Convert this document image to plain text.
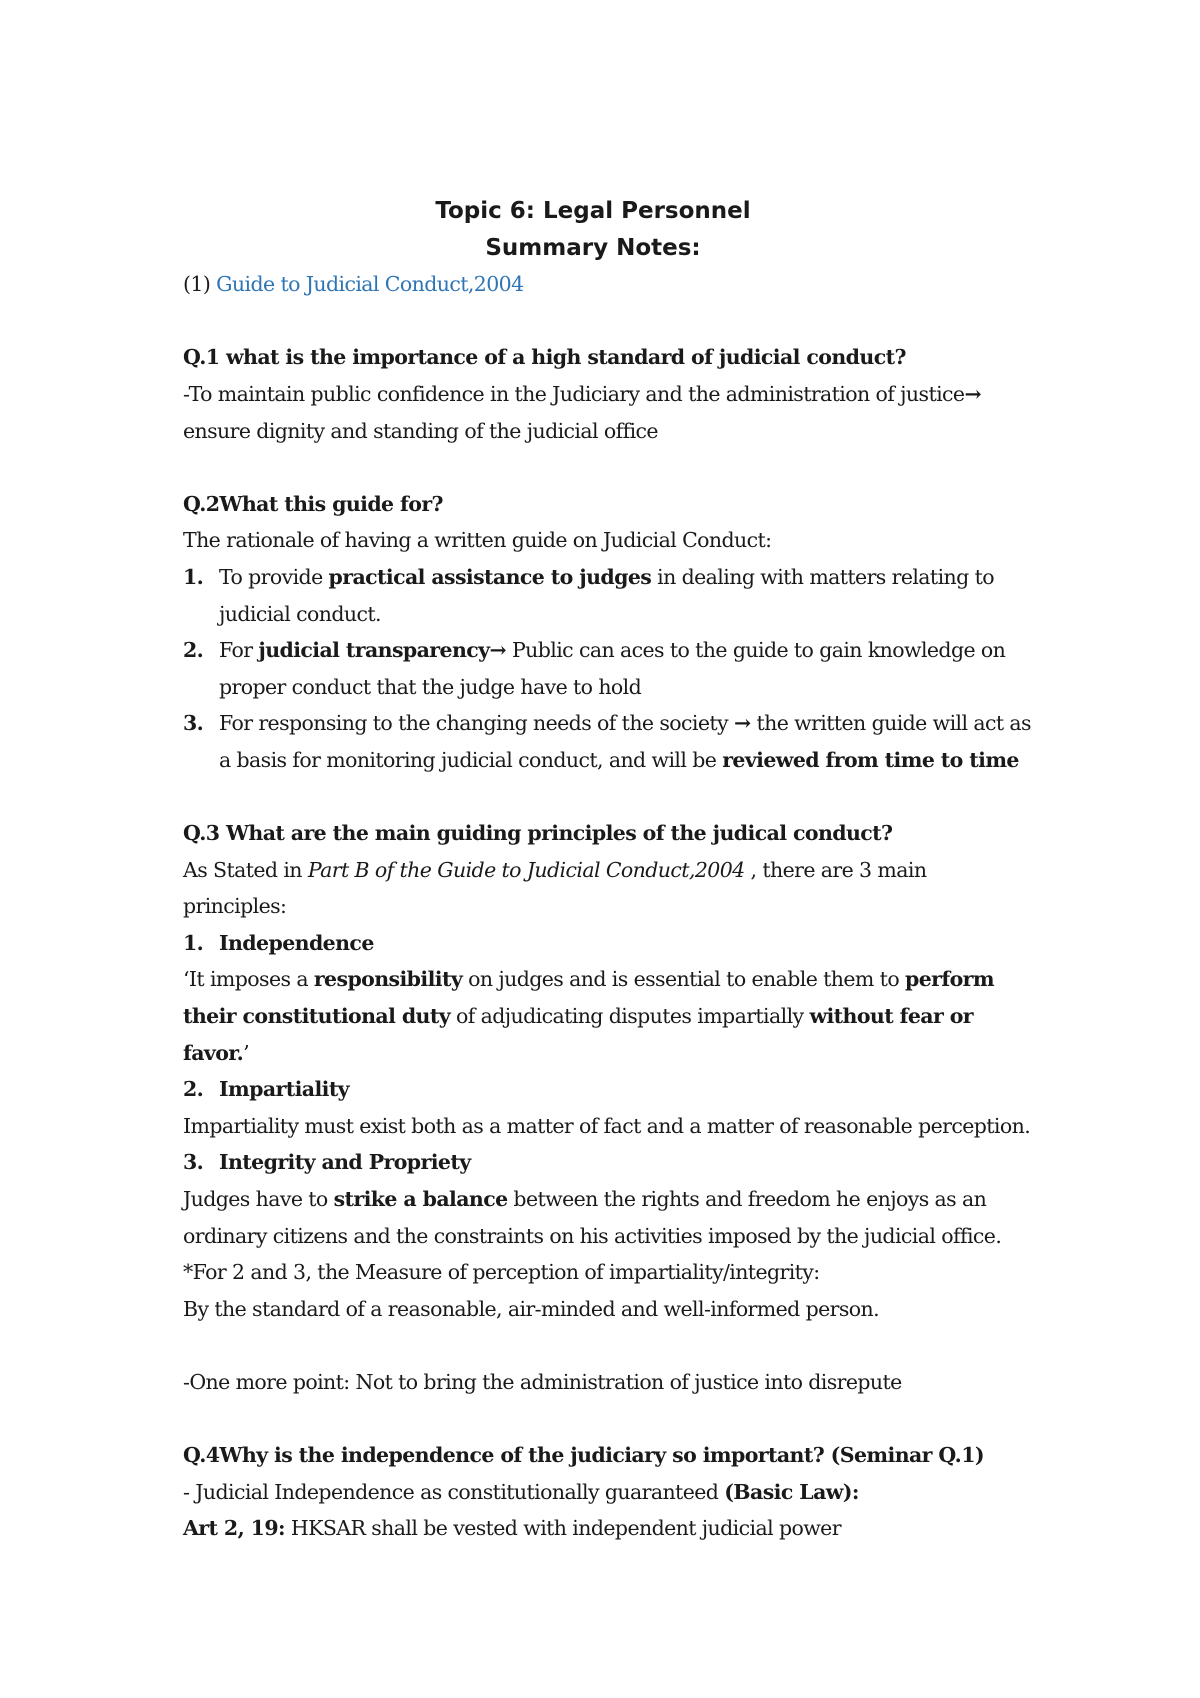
Topic 6: Legal Personnel
Summary Notes:

(1) Guide to Judicial Conduct,2004

Q.1 what is the importance of a high standard of judicial conduct?

-To maintain public confidence in the Judiciary and the administration of justice→
ensure dignity and standing of the judicial office

Q.2What this guide for?

The rationale of having a written guide on Judicial Conduct:

1. To provide practical assistance to judges in dealing with matters relating to judicial conduct.
2. For judicial transparency→ Public can aces to the guide to gain knowledge on proper conduct that the judge have to hold
3. For responsing to the changing needs of the society → the written guide will act as a basis for monitoring judicial conduct, and will be reviewed from time to time

Q.3 What are the main guiding principles of the judical conduct?

As Stated in Part B of the Guide to Judicial Conduct,2004 , there are 3 main principles:

1. Independence

‘It imposes a responsibility on judges and is essential to enable them to perform their constitutional duty of adjudicating disputes impartially without fear or favor.’

2. Impartiality

Impartiality must exist both as a matter of fact and a matter of reasonable perception.

3. Integrity and Propriety

Judges have to strike a balance between the rights and freedom he enjoys as an ordinary citizens and the constraints on his activities imposed by the judicial office.

*For 2 and 3, the Measure of perception of impartiality/integrity:

By the standard of a reasonable, air-minded and well-informed person.

-One more point: Not to bring the administration of justice into disrepute

Q.4Why is the independence of the judiciary so important? (Seminar Q.1)

- Judicial Independence as constitutionally guaranteed (Basic Law):

Art 2, 19: HKSAR shall be vested with independent judicial power
